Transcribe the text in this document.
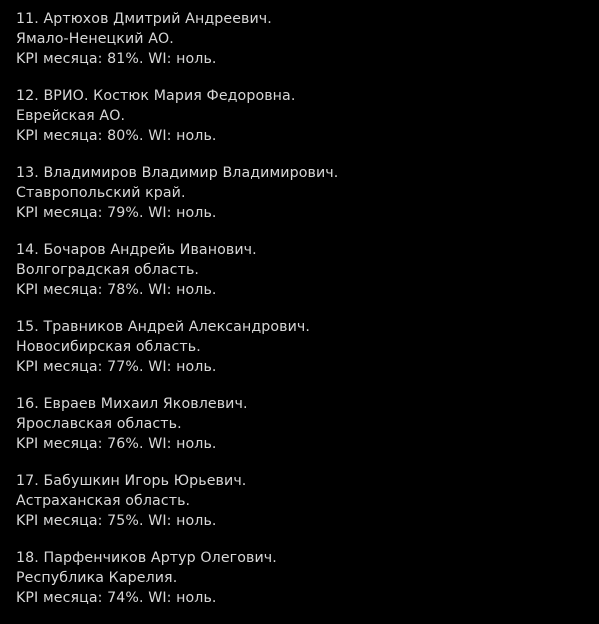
11. Артюхов Дмитрий Андреевич.
Ямало-Ненецкий АО.
KPI месяца: 81%. WI: ноль.
12. ВРИО. Костюк Мария Федоровна.
Еврейская АО.
KPI месяца: 80%. WI: ноль.
13. Владимиров Владимир Владимирович.
Ставропольский край.
KPI месяца: 79%. WI: ноль.
14. Бочаров Андрейь Иванович.
Волгоградская область.
KPI месяца: 78%. WI: ноль.
15. Травников Андрей Александрович.
Новосибирская область.
KPI месяца: 77%. WI: ноль.
16. Евраев Михаил Яковлевич.
Ярославская область.
KPI месяца: 76%. WI: ноль.
17. Бабушкин Игорь Юрьевич.
Астраханская область.
KPI месяца: 75%. WI: ноль.
18. Парфенчиков Артур Олегович.
Республика Карелия.
KPI месяца: 74%. WI: ноль.
